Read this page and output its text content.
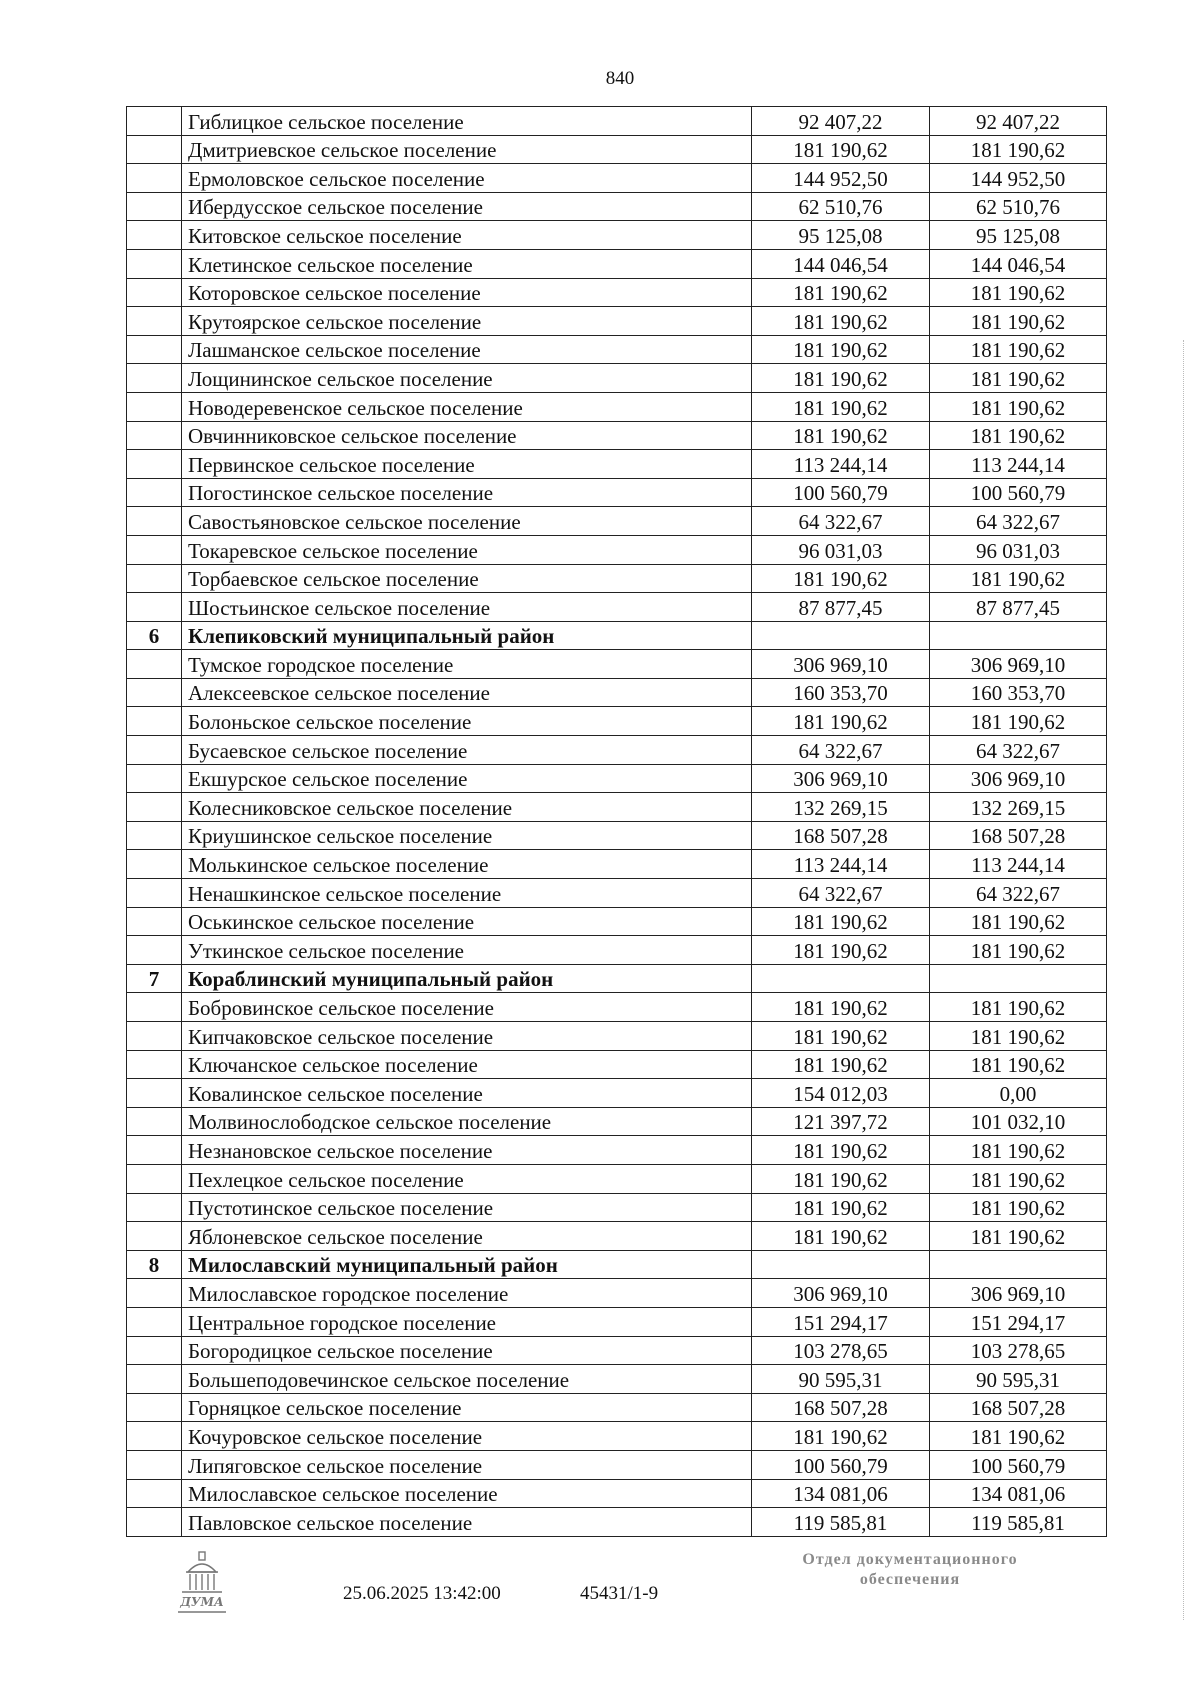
840
	Гиблицкое сельское поселение	92 407,22	92 407,22
	Дмитриевское сельское поселение	181 190,62	181 190,62
	Ермоловское сельское поселение	144 952,50	144 952,50
	Ибердусское сельское поселение	62 510,76	62 510,76
	Китовское сельское поселение	95 125,08	95 125,08
	Клетинское сельское поселение	144 046,54	144 046,54
	Которовское сельское поселение	181 190,62	181 190,62
	Крутоярское сельское поселение	181 190,62	181 190,62
	Лашманское сельское поселение	181 190,62	181 190,62
	Лощининское сельское поселение	181 190,62	181 190,62
	Новодеревенское сельское поселение	181 190,62	181 190,62
	Овчинниковское сельское поселение	181 190,62	181 190,62
	Первинское сельское поселение	113 244,14	113 244,14
	Погостинское сельское поселение	100 560,79	100 560,79
	Савостьяновское сельское поселение	64 322,67	64 322,67
	Токаревское сельское поселение	96 031,03	96 031,03
	Торбаевское сельское поселение	181 190,62	181 190,62
	Шостьинское сельское поселение	87 877,45	87 877,45
6	Клепиковский муниципальный район		
	Тумское городское поселение	306 969,10	306 969,10
	Алексеевское сельское поселение	160 353,70	160 353,70
	Болоньское сельское поселение	181 190,62	181 190,62
	Бусаевское сельское поселение	64 322,67	64 322,67
	Екшурское сельское поселение	306 969,10	306 969,10
	Колесниковское сельское поселение	132 269,15	132 269,15
	Криушинское сельское поселение	168 507,28	168 507,28
	Молькинское сельское поселение	113 244,14	113 244,14
	Ненашкинское сельское поселение	64 322,67	64 322,67
	Оськинское сельское поселение	181 190,62	181 190,62
	Уткинское сельское поселение	181 190,62	181 190,62
7	Кораблинский муниципальный район		
	Бобровинское сельское поселение	181 190,62	181 190,62
	Кипчаковское сельское поселение	181 190,62	181 190,62
	Ключанское сельское поселение	181 190,62	181 190,62
	Ковалинское сельское поселение	154 012,03	0,00
	Молвинослободское сельское поселение	121 397,72	101 032,10
	Незнановское сельское поселение	181 190,62	181 190,62
	Пехлецкое сельское поселение	181 190,62	181 190,62
	Пустотинское сельское поселение	181 190,62	181 190,62
	Яблоневское сельское поселение	181 190,62	181 190,62
8	Милославский муниципальный район		
	Милославское городское поселение	306 969,10	306 969,10
	Центральное городское поселение	151 294,17	151 294,17
	Богородицкое сельское поселение	103 278,65	103 278,65
	Большеподовечинское сельское поселение	90 595,31	90 595,31
	Горняцкое сельское поселение	168 507,28	168 507,28
	Кочуровское сельское поселение	181 190,62	181 190,62
	Липяговское сельское поселение	100 560,79	100 560,79
	Милославское сельское поселение	134 081,06	134 081,06
	Павловское сельское поселение	119 585,81	119 585,81
ДУМА	25.06.2025 13:42:00	45431/1-9
Отдел документационного
обеспечения
